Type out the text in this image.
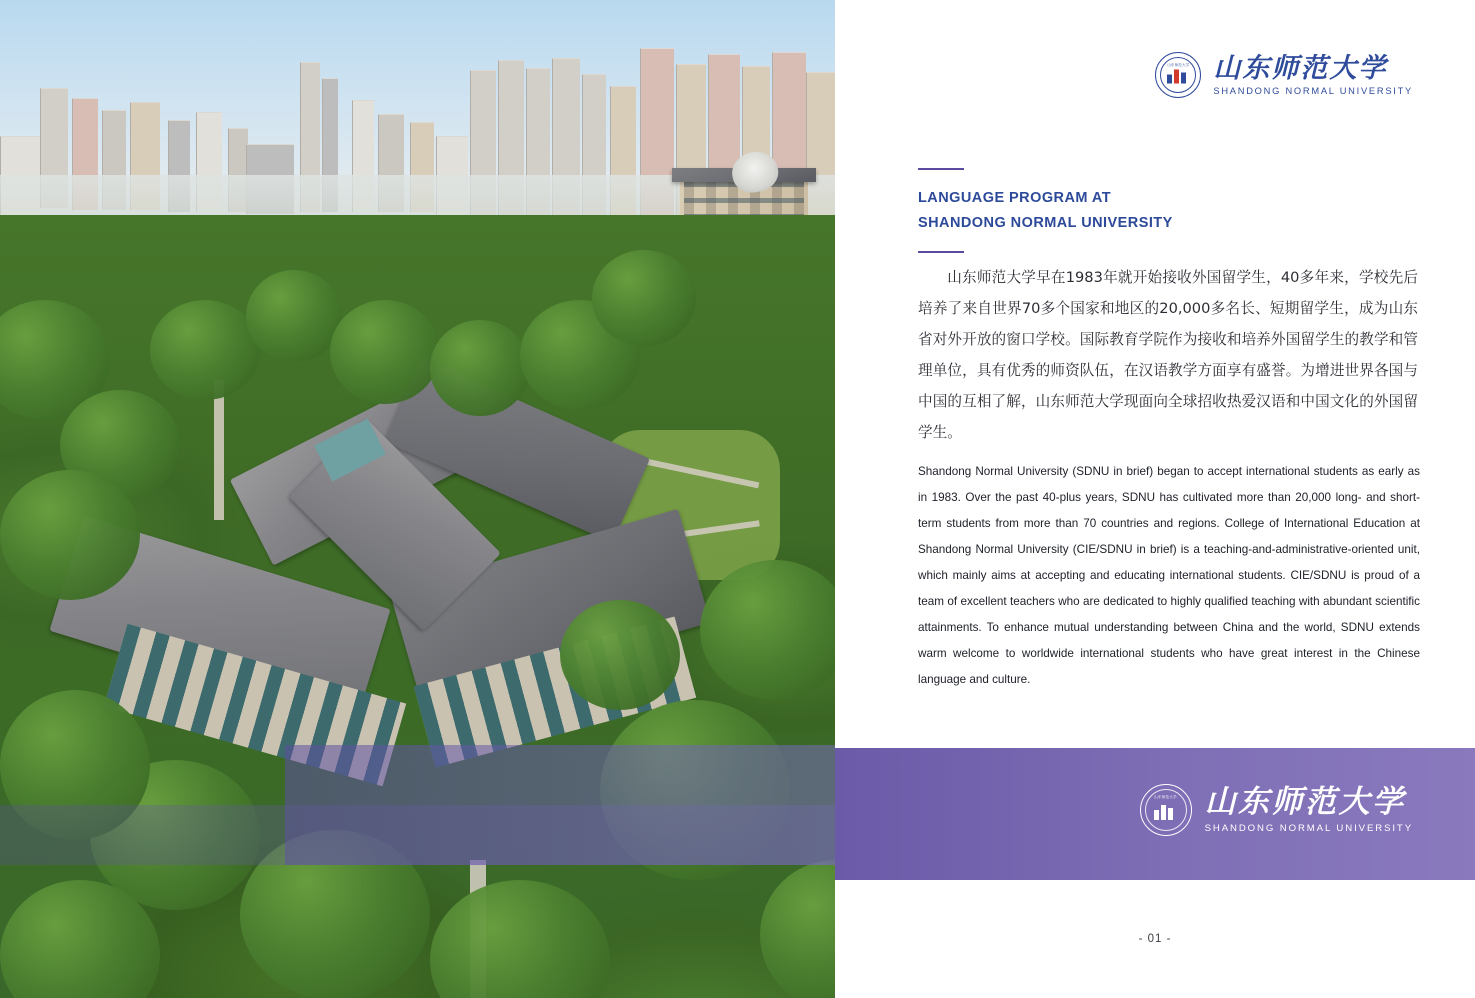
山东师范大学 山东师范大学
SHANDONG NORMAL UNIVERSITY
LANGUAGE PROGRAM AT
SHANDONG NORMAL UNIVERSITY

山东师范大学早在1983年就开始接收外国留学生，40多年来，学校先后培养了来自世界70多个国家和地区的20,000多名长、短期留学生，成为山东省对外开放的窗口学校。国际教育学院作为接收和培养外国留学生的教学和管理单位，具有优秀的师资队伍，在汉语教学方面享有盛誉。为增进世界各国与中国的互相了解，山东师范大学现面向全球招收热爱汉语和中国文化的外国留学生。

Shandong Normal University (SDNU in brief) began to accept international students as early as in 1983. Over the past 40-plus years, SDNU has cultivated more than 20,000 long- and short-term students from more than 70 countries and regions. College of International Education at Shandong Normal University (CIE/SDNU in brief) is a teaching-and-administrative-oriented unit, which mainly aims at accepting and educating international students. CIE/SDNU is proud of a team of excellent teachers who are dedicated to highly qualified teaching with abundant scientific attainments. To enhance mutual understanding between China and the world, SDNU extends warm welcome to worldwide international students who have great interest in the Chinese language and culture.

山东师范大学 山东师范大学
SHANDONG NORMAL UNIVERSITY
- 01 -
